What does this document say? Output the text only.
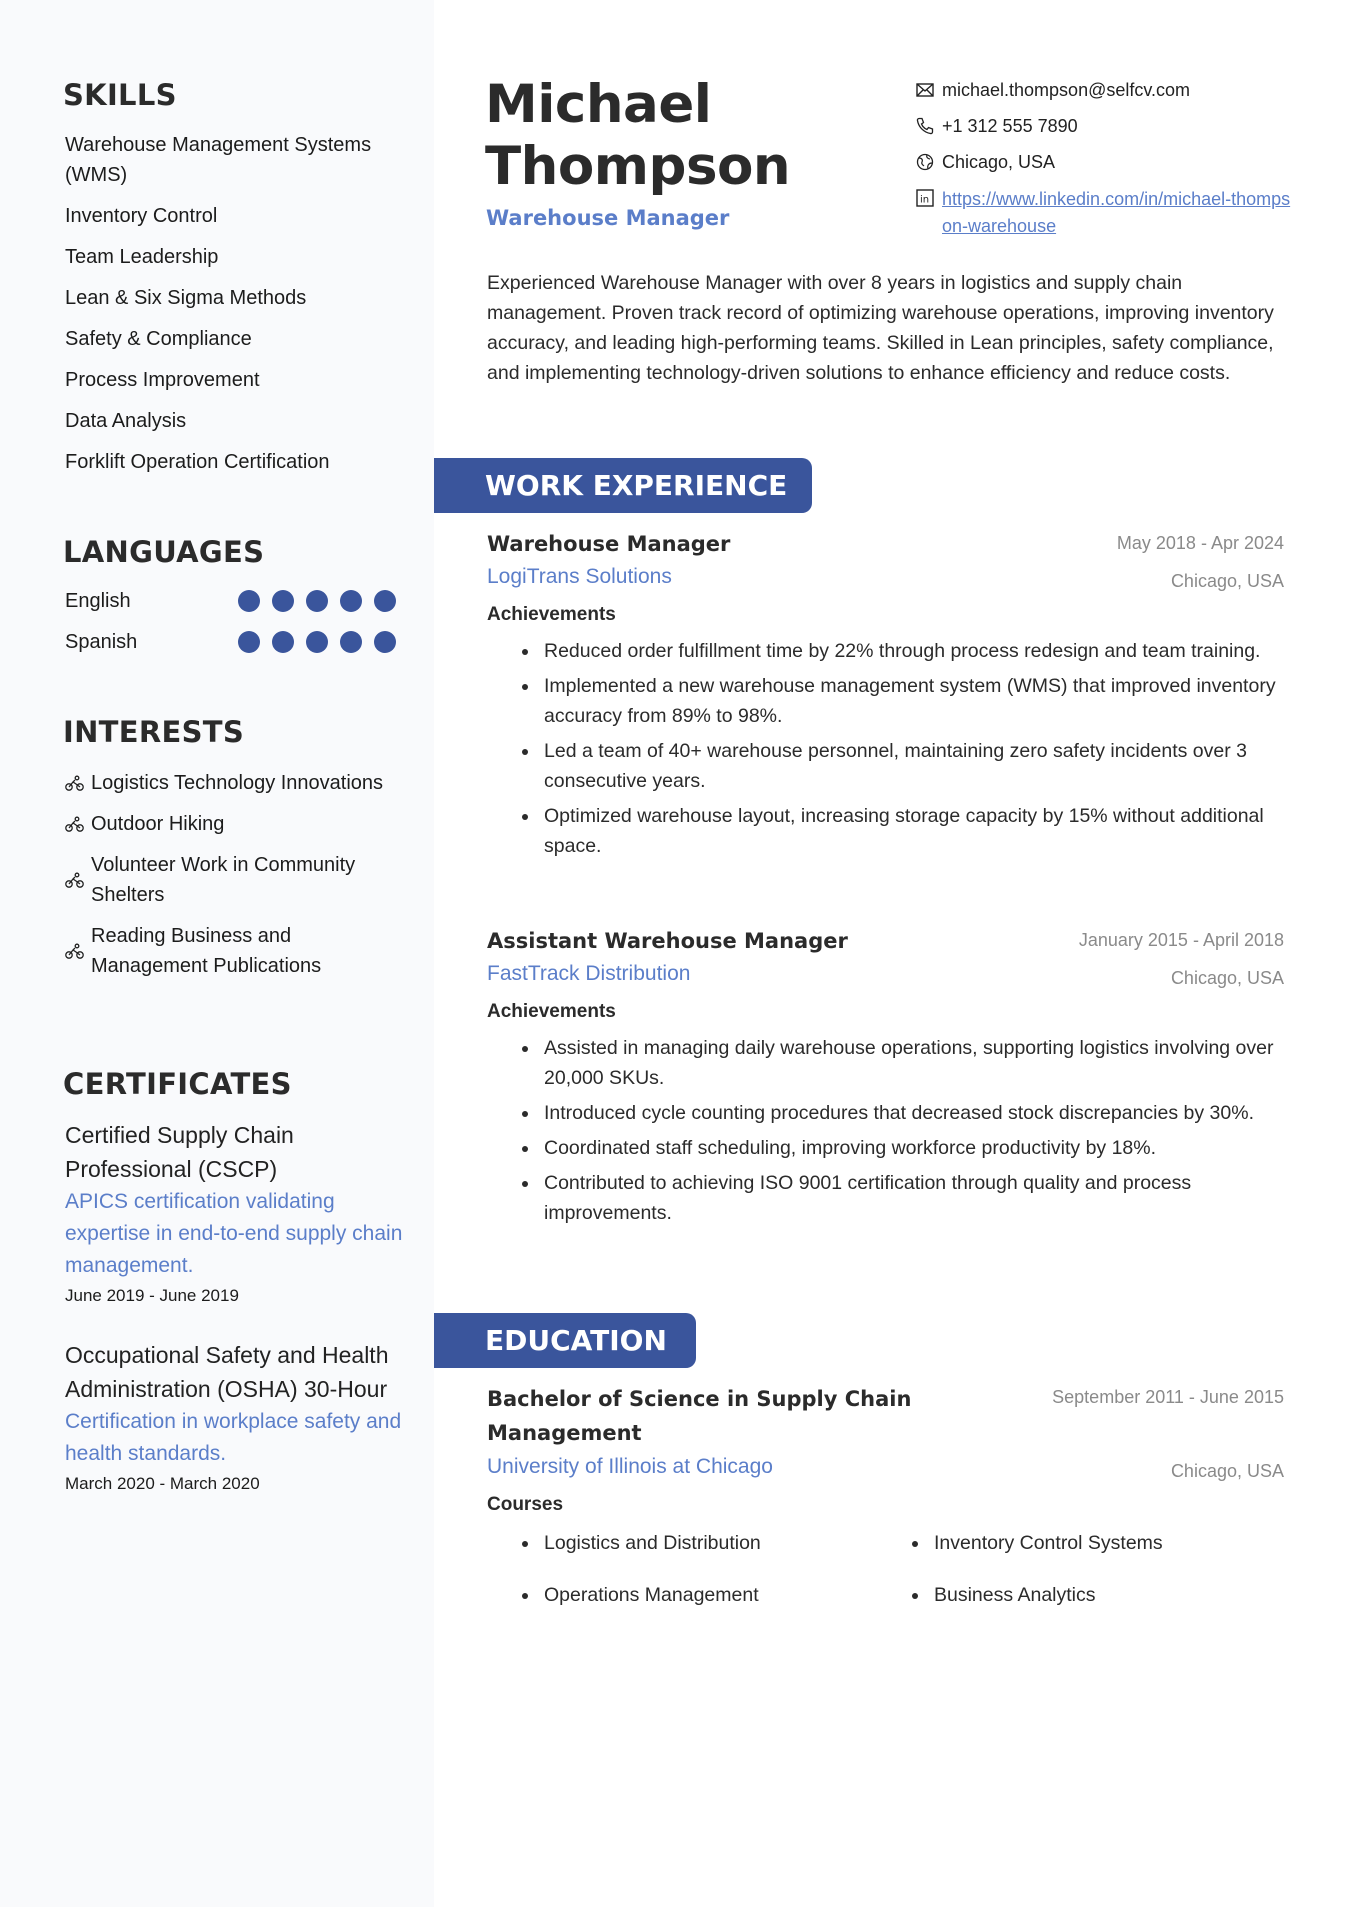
SKILLS
Warehouse Management Systems (WMS)
Inventory Control
Team Leadership
Lean & Six Sigma Methods
Safety & Compliance
Process Improvement
Data Analysis
Forklift Operation Certification
LANGUAGES
English
Spanish
INTERESTS
Logistics Technology Innovations
Outdoor Hiking
Volunteer Work in Community Shelters
Reading Business and Management Publications
CERTIFICATES
Certified Supply Chain Professional (CSCP)
APICS certification validating expertise in end-to-end supply chain management.
June 2019 - June 2019
Occupational Safety and Health Administration (OSHA) 30-Hour
Certification in workplace safety and health standards.
March 2020 - March 2020
Michael
Thompson
Warehouse Manager
michael.thompson@selfcv.com
+1 312 555 7890
Chicago, USA
in https://www.linkedin.com/in/michael-thompson-warehouse

Experienced Warehouse Manager with over 8 years in logistics and supply chain management. Proven track record of optimizing warehouse operations, improving inventory accuracy, and leading high-performing teams. Skilled in Lean principles, safety compliance, and implementing technology-driven solutions to enhance efficiency and reduce costs.

WORK EXPERIENCE
Warehouse Manager	May 2018 - Apr 2024
LogiTrans Solutions	Chicago, USA
Achievements
Reduced order fulfillment time by 22% through process redesign and team training.
Implemented a new warehouse management system (WMS) that improved inventory accuracy from 89% to 98%.
Led a team of 40+ warehouse personnel, maintaining zero safety incidents over 3 consecutive years.
Optimized warehouse layout, increasing storage capacity by 15% without additional space.
Assistant Warehouse Manager	January 2015 - April 2018
FastTrack Distribution	Chicago, USA
Achievements
Assisted in managing daily warehouse operations, supporting logistics involving over 20,000 SKUs.
Introduced cycle counting procedures that decreased stock discrepancies by 30%.
Coordinated staff scheduling, improving workforce productivity by 18%.
Contributed to achieving ISO 9001 certification through quality and process improvements.
EDUCATION
Bachelor of Science in Supply Chain Management
September 2011 - June 2015
University of Illinois at Chicago	Chicago, USA
Courses
Logistics and Distribution	Inventory Control Systems
Operations Management	Business Analytics
